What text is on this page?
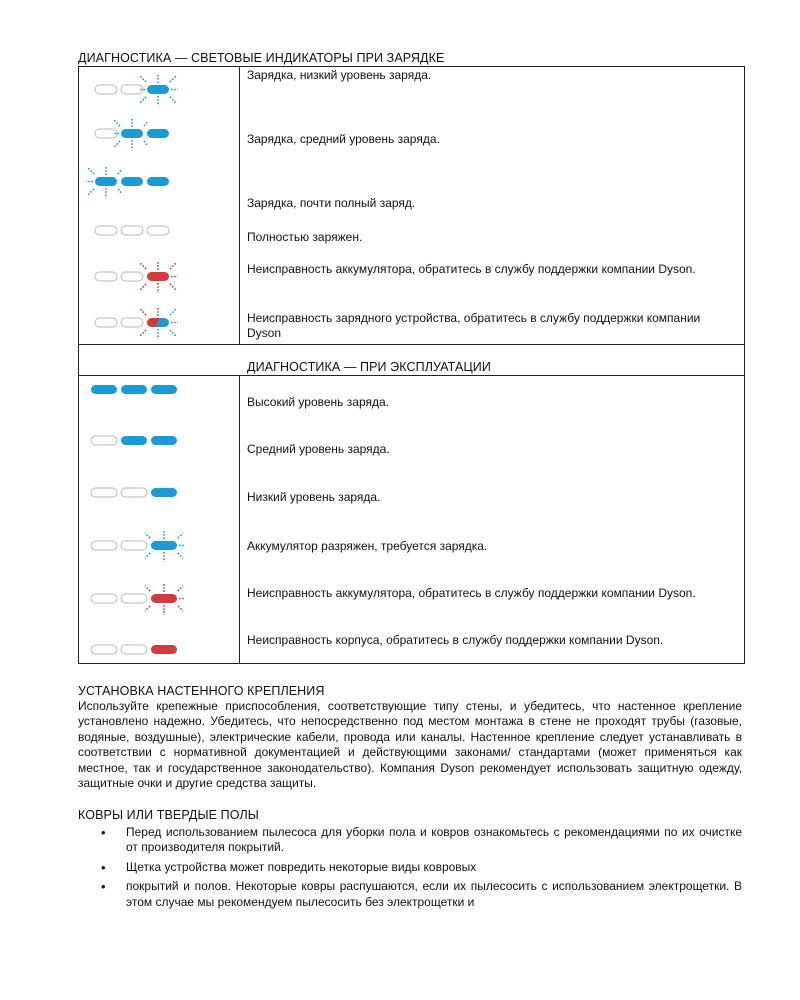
ДИАГНОСТИКА — СВЕТОВЫЕ ИНДИКАТОРЫ ПРИ ЗАРЯДКЕ
Зарядка, низкий уровень заряда.
Зарядка, средний уровень заряда.
Зарядка, почти полный заряд.
Полностью заряжен.
Неисправность аккумулятора, обратитесь в службу поддержки компании Dyson.
Неисправность зарядного устройства, обратитесь в службу поддержки компании Dyson
ДИАГНОСТИКА — ПРИ ЭКСПЛУАТАЦИИ
Высокий уровень заряда.
Средний уровень заряда.
Низкий уровень заряда.
Аккумулятор разряжен, требуется зарядка.
Неисправность аккумулятора, обратитесь в службу поддержки компании Dyson.
Неисправность корпуса, обратитесь в службу поддержки компании Dyson.
УСТАНОВКА НАСТЕННОГО КРЕПЛЕНИЯ

Используйте крепежные приспособления, соответствующие типу стены, и убедитесь, что настенное крепление установлено надежно. Убедитесь, что непосредственно под местом монтажа в стене не проходят трубы (газовые, водяные, воздушные), электрические кабели, провода или каналы. Настенное крепление следует устанавливать в соответствии с нормативной документацией и действующими законами/ стандартами (может применяться как местное, так и государственное законодательство). Компания Dyson рекомендует использовать защитную одежду, защитные очки и другие средства защиты.

КОВРЫ ИЛИ ТВЕРДЫЕ ПОЛЫ
• Перед использованием пылесоса для уборки пола и ковров ознакомьтесь с рекомендациями по их очистке от производителя покрытий.
• Щетка устройства может повредить некоторые виды ковровых
• покрытий и полов. Некоторые ковры распушаются, если их пылесосить с использованием электрощетки. В этом случае мы рекомендуем пылесосить без электрощетки и
